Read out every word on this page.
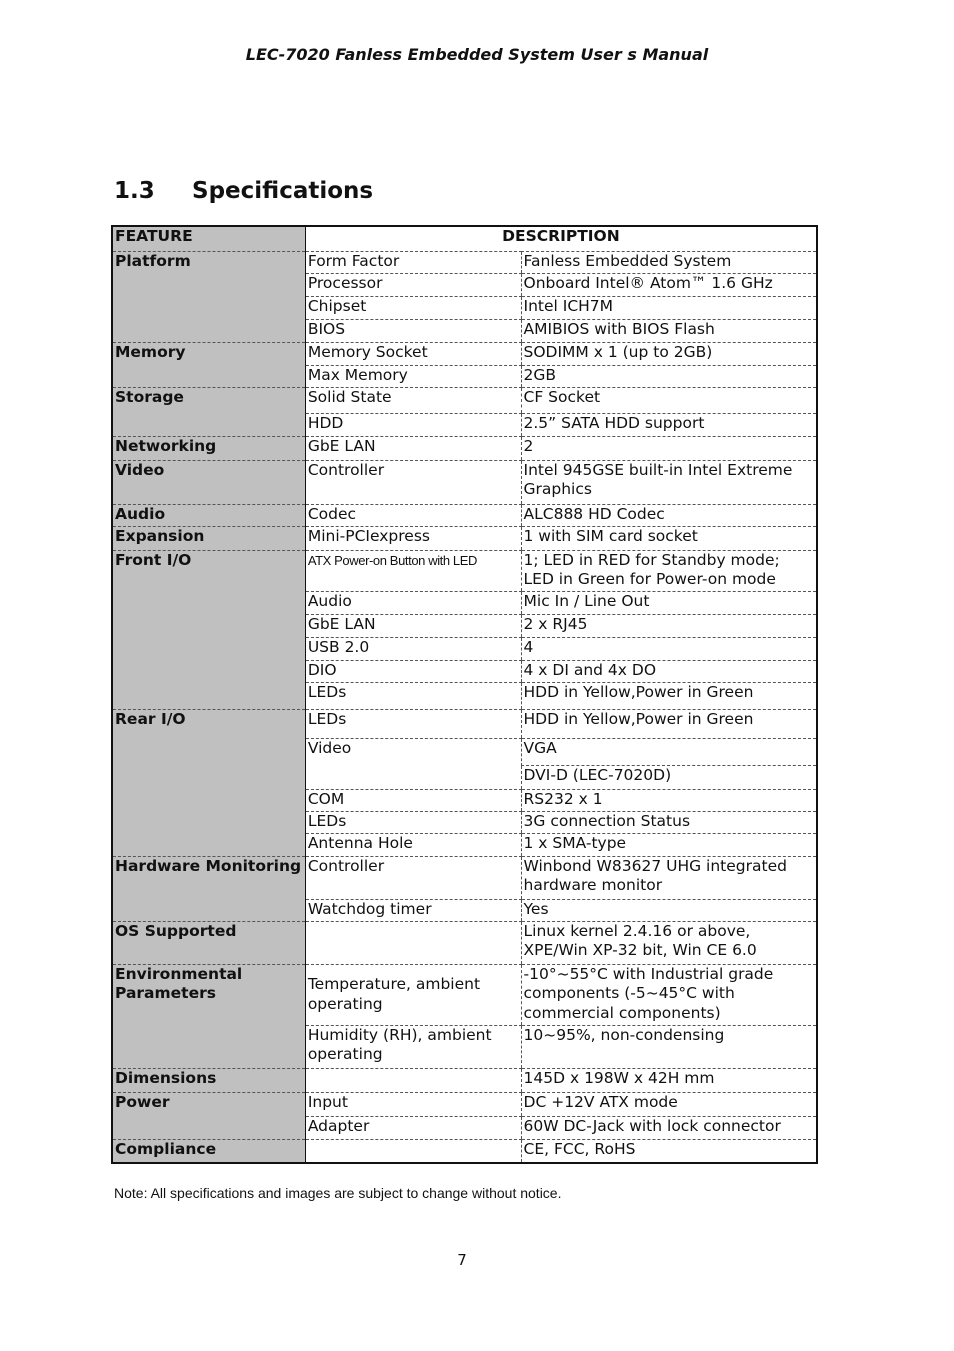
LEC-7020 Fanless Embedded System User s Manual
1.3 Specifications
FEATURE	DESCRIPTION	
Platform	Form Factor	Fanless Embedded System
	Processor	Onboard Intel® Atom™ 1.6 GHz
	Chipset	Intel ICH7M
	BIOS	AMIBIOS with BIOS Flash
Memory	Memory Socket	SODIMM x 1 (up to 2GB)
	Max Memory	2GB
Storage	Solid State	CF Socket
	HDD	2.5” SATA HDD support
Networking	GbE LAN	2
Video	Controller	Intel 945GSE built-in Intel Extreme Graphics
Audio	Codec	ALC888 HD Codec
Expansion	Mini-PCIexpress	1 with SIM card socket
Front I/O	ATX Power-on Button with LED	1; LED in RED for Standby mode; LED in Green for Power-on mode
	Audio	Mic In / Line Out
	GbE LAN	2 x RJ45
	USB 2.0	4
	DIO	4 x DI and 4x DO
	LEDs	HDD in Yellow,Power in Green
Rear I/O	LEDs	HDD in Yellow,Power in Green
	Video	VGA
		DVI-D (LEC-7020D)
	COM	RS232 x 1
	LEDs	3G connection Status
	Antenna Hole	1 x SMA-type
Hardware Monitoring	Controller	Winbond W83627 UHG integrated hardware monitor
	Watchdog timer	Yes
OS Supported		Linux kernel 2.4.16 or above, XPE/Win XP-32 bit, Win CE 6.0
Environmental Parameters	Temperature, ambient operating	-10°~55°C with Industrial grade components (-5~45°C with commercial components)
	Humidity (RH), ambient operating	10~95%, non-condensing
Dimensions		145D x 198W x 42H mm
Power	Input	DC +12V ATX mode
	Adapter	60W DC-Jack with lock connector
Compliance		CE, FCC, RoHS
Note: All specifications and images are subject to change without notice.
7
